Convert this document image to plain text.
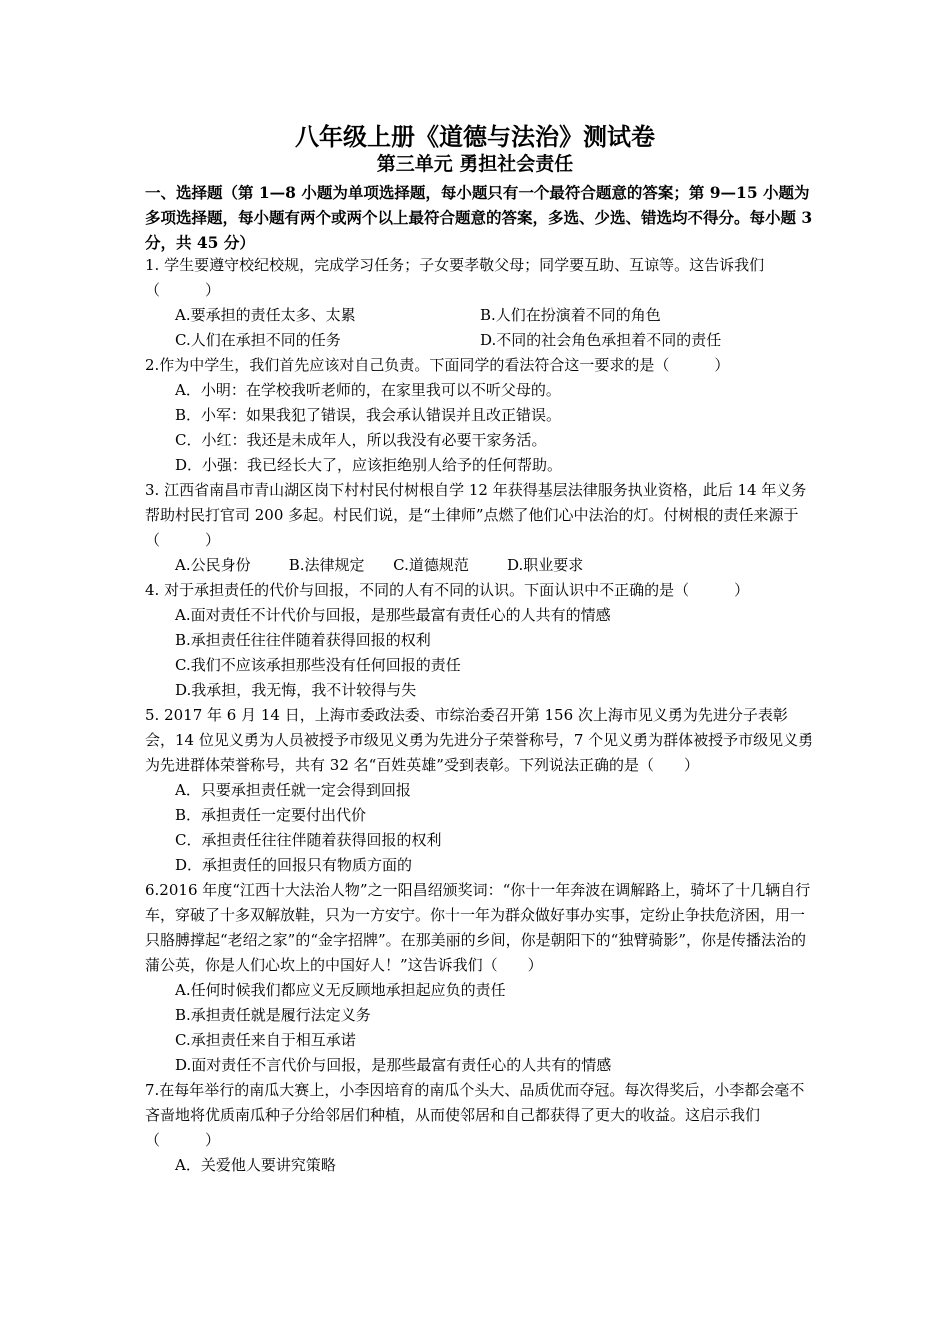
八年级上册《道德与法治》测试卷
第三单元 勇担社会责任
一、选择题（第 1—8 小题为单项选择题，每小题只有一个最符合题意的答案；第 9—15 小题为多项选择题，每小题有两个或两个以上最符合题意的答案，多选、少选、错选均不得分。每小题 3 分，共 45 分）
1. 学生要遵守校纪校规，完成学习任务；子女要孝敬父母；同学要互助、互谅等。这告诉我们（　　　）
A.要承担的责任太多、太累	B.人们在扮演着不同的角色
C.人们在承担不同的任务	D.不同的社会角色承担着不同的责任
2.作为中学生，我们首先应该对自己负责。下面同学的看法符合这一要求的是（　　　）
A．小明：在学校我听老师的，在家里我可以不听父母的。
B．小军：如果我犯了错误，我会承认错误并且改正错误。
C．小红：我还是未成年人，所以我没有必要干家务活。
D．小强：我已经长大了，应该拒绝别人给予的任何帮助。
3. 江西省南昌市青山湖区岗下村村民付树根自学 12 年获得基层法律服务执业资格，此后 14 年义务帮助村民打官司 200 多起。村民们说，是“土律师”点燃了他们心中法治的灯。付树根的责任来源于（　　　）
A.公民身份        B.法律规定      C.道德规范        D.职业要求
4. 对于承担责任的代价与回报，不同的人有不同的认识。下面认识中不正确的是（　　　）
A.面对责任不计代价与回报，是那些最富有责任心的人共有的情感
B.承担责任往往伴随着获得回报的权利
C.我们不应该承担那些没有任何回报的责任
D.我承担，我无悔，我不计较得与失
5. 2017 年 6 月 14 日，上海市委政法委、市综治委召开第 156 次上海市见义勇为先进分子表彰会，14 位见义勇为人员被授予市级见义勇为先进分子荣誉称号，7 个见义勇为群体被授予市级见义勇为先进群体荣誉称号，共有 32 名“百姓英雄”受到表彰。下列说法正确的是（　　）
A．只要承担责任就一定会得到回报
B．承担责任一定要付出代价
C．承担责任往往伴随着获得回报的权利
D．承担责任的回报只有物质方面的
6.2016 年度“江西十大法治人物”之一阳昌绍颁奖词：“你十一年奔波在调解路上，骑坏了十几辆自行车，穿破了十多双解放鞋，只为一方安宁。你十一年为群众做好事办实事，定纷止争扶危济困，用一只胳膊撑起“老绍之家”的“金字招牌”。在那美丽的乡间，你是朝阳下的“独臂骑影”，你是传播法治的蒲公英，你是人们心坎上的中国好人！”这告诉我们（　　）
A.任何时候我们都应义无反顾地承担起应负的责任
B.承担责任就是履行法定义务
C.承担责任来自于相互承诺
D.面对责任不言代价与回报，是那些最富有责任心的人共有的情感
7.在每年举行的南瓜大赛上，小李因培育的南瓜个头大、品质优而夺冠。每次得奖后，小李都会毫不吝啬地将优质南瓜种子分给邻居们种植，从而使邻居和自己都获得了更大的收益。这启示我们　（　　　）
A．关爱他人要讲究策略
